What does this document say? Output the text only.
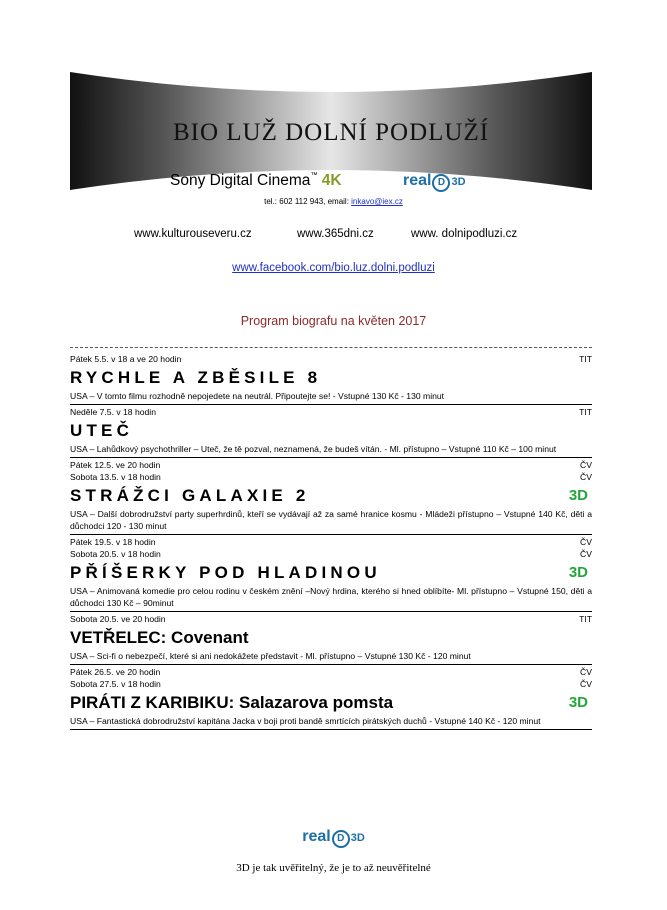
BIO LUŽ DOLNÍ PODLUŽÍ
Sony Digital Cinema™ 4K	real D 3D
tel.: 602 112 943, email: inkavo@iex.cz
www.kulturouseveru.cz	www.365dni.cz	www. dolnipodluzi.cz
www.facebook.com/bio.luz.dolni.podluzi
Program biografu na květen 2017
Pátek 5.5. v 18 a ve 20 hodin	TIT
RYCHLE A ZBĚSILE 8
USA – V tomto filmu rozhodně nepojedete na neutrál. Připoutejte se! - Vstupné 130 Kč - 130 minut
Neděle 7.5. v 18 hodin	TIT
UTEČ
USA – Lahůdkový psychothriller – Uteč, že tě pozval, neznamená, že budeš vítán. - Ml. přístupno – Vstupné 110 Kč – 100 minut
Pátek 12.5. ve 20 hodin	ČV
Sobota 13.5. v 18 hodin	ČV
STRÁŽCI GALAXIE 2	3D
USA – Další dobrodružství party superhrdinů, kteří se vydávají až za samé hranice kosmu - Mládeži přístupno – Vstupné 140 Kč, děti a důchodci 120 - 130 minut
Pátek 19.5. v 18 hodin	ČV
Sobota 20.5. v 18 hodin	ČV
PŘÍŠERKY POD HLADINOU	3D
USA – Animovaná komedie pro celou rodinu v českém znění –Nový hrdina, kterého si hned oblíbíte- Ml. přístupno – Vstupné 150, děti a důchodci 130 Kč – 90minut
Sobota 20.5. ve 20 hodin	TIT
VETŘELEC: Covenant
USA – Sci-fi o nebezpečí, které si ani nedokážete představit - Ml. přístupno – Vstupné 130 Kč - 120 minut
Pátek 26.5. ve 20 hodin	ČV
Sobota 27.5. v 18 hodin	ČV
PIRÁTI Z KARIBIKU: Salazarova pomsta	3D
USA – Fantastická dobrodružství kapitána Jacka v boji proti bandě smrtících pirátských duchů - Vstupné 140 Kč - 120 minut
real D 3D
3D je tak uvěřitelný, že je to až neuvěřitelné
